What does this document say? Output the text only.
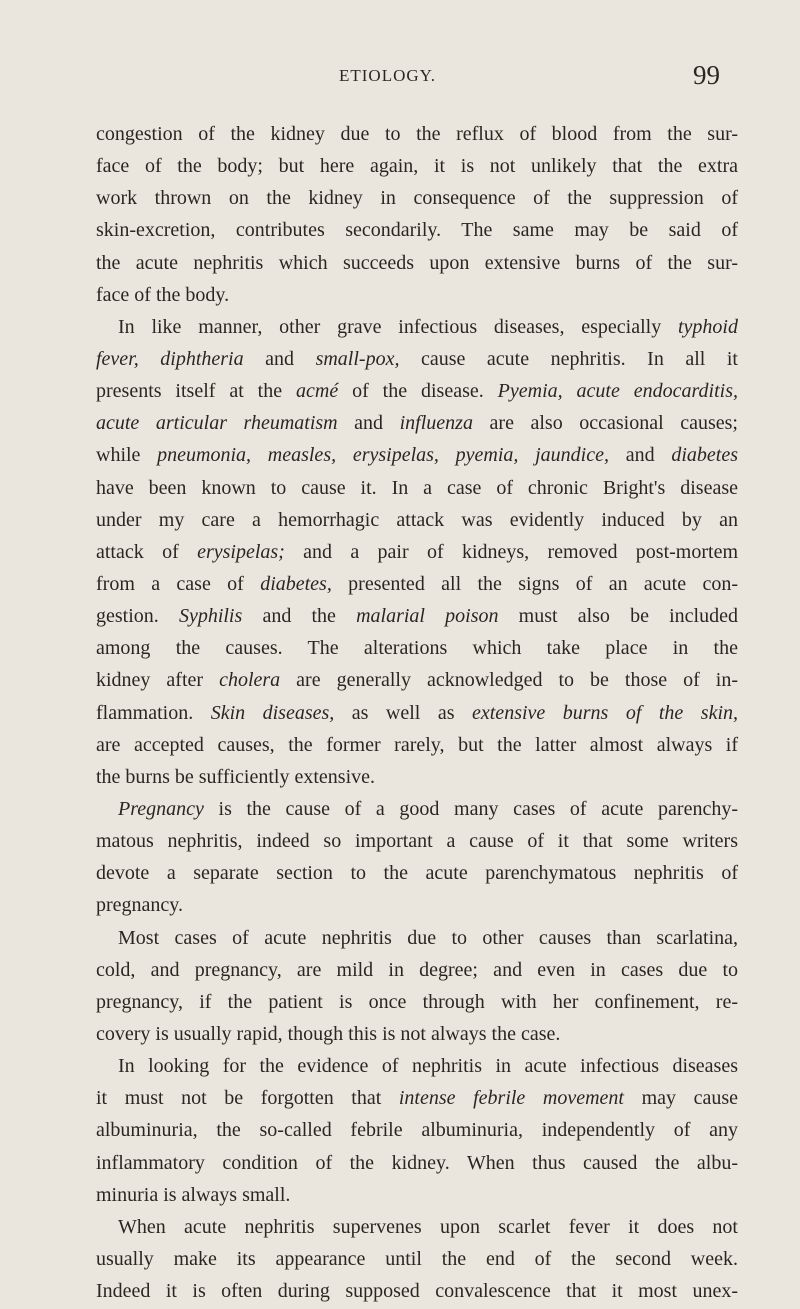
ETIOLOGY.	99
congestion of the kidney due to the reflux of blood from the sur-
face of the body; but here again, it is not unlikely that the extra
work thrown on the kidney in consequence of the suppression of
skin-excretion, contributes secondarily. The same may be said of
the acute nephritis which succeeds upon extensive burns of the sur-
face of the body.
In like manner, other grave infectious diseases, especially typhoid
fever, diphtheria and small-pox, cause acute nephritis. In all it
presents itself at the acmé of the disease. Pyemia, acute endocarditis,
acute articular rheumatism and influenza are also occasional causes;
while pneumonia, measles, erysipelas, pyemia, jaundice, and diabetes
have been known to cause it. In a case of chronic Bright's disease
under my care a hemorrhagic attack was evidently induced by an
attack of erysipelas; and a pair of kidneys, removed post-mortem
from a case of diabetes, presented all the signs of an acute con-
gestion. Syphilis and the malarial poison must also be included
among the causes. The alterations which take place in the
kidney after cholera are generally acknowledged to be those of in-
flammation. Skin diseases, as well as extensive burns of the skin,
are accepted causes, the former rarely, but the latter almost always if
the burns be sufficiently extensive.
Pregnancy is the cause of a good many cases of acute parenchy-
matous nephritis, indeed so important a cause of it that some writers
devote a separate section to the acute parenchymatous nephritis of
pregnancy.
Most cases of acute nephritis due to other causes than scarlatina,
cold, and pregnancy, are mild in degree; and even in cases due to
pregnancy, if the patient is once through with her confinement, re-
covery is usually rapid, though this is not always the case.
In looking for the evidence of nephritis in acute infectious diseases
it must not be forgotten that intense febrile movement may cause
albuminuria, the so-called febrile albuminuria, independently of any
inflammatory condition of the kidney. When thus caused the albu-
minuria is always small.
When acute nephritis supervenes upon scarlet fever it does not
usually make its appearance until the end of the second week.
Indeed it is often during supposed convalescence that it most unex-
